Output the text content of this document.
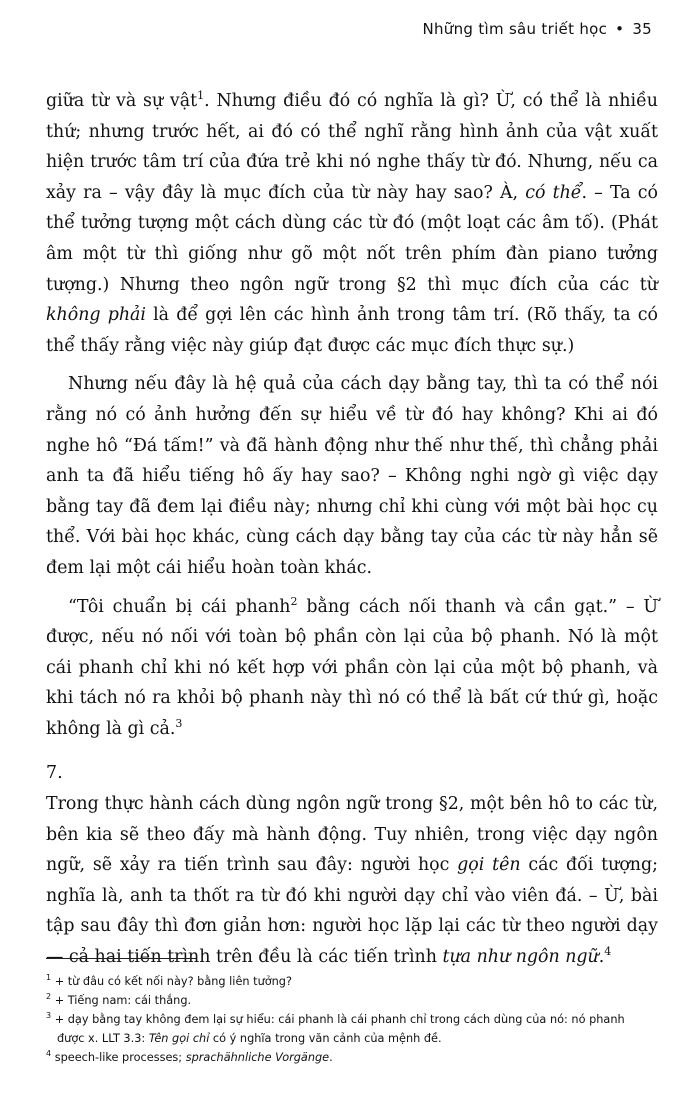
Những tìm sâu triết học • 35

giữa từ và sự vật$^1$. Nhưng điều đó có nghĩa là gì? Ừ, có thể là nhiều thứ; nhưng trước hết, ai đó có thể nghĩ rằng hình ảnh của vật xuất hiện trước tâm trí của đứa trẻ khi nó nghe thấy từ đó. Nhưng, nếu ca xảy ra – vậy đây là mục đích của từ này hay sao? À, có thể. – Ta có thể tưởng tượng một cách dùng các từ đó (một loạt các âm tố). (Phát âm một từ thì giống như gõ một nốt trên phím đàn piano tưởng tượng.) Nhưng theo ngôn ngữ trong §2 thì mục đích của các từ không phải là để gợi lên các hình ảnh trong tâm trí. (Rõ thấy, ta có thể thấy rằng việc này giúp đạt được các mục đích thực sự.)

Nhưng nếu đây là hệ quả của cách dạy bằng tay, thì ta có thể nói rằng nó có ảnh hưởng đến sự hiểu về từ đó hay không? Khi ai đó nghe hô “Đá tấm!” và đã hành động như thế như thế, thì chẳng phải anh ta đã hiểu tiếng hô ấy hay sao? – Không nghi ngờ gì việc dạy bằng tay đã đem lại điều này; nhưng chỉ khi cùng với một bài học cụ thể. Với bài học khác, cùng cách dạy bằng tay của các từ này hẳn sẽ đem lại một cái hiểu hoàn toàn khác.

“Tôi chuẩn bị cái phanh$^2$ bằng cách nối thanh và cần gạt.” – Ừ được, nếu nó nối với toàn bộ phần còn lại của bộ phanh. Nó là một cái phanh chỉ khi nó kết hợp với phần còn lại của một bộ phanh, và khi tách nó ra khỏi bộ phanh này thì nó có thể là bất cứ thứ gì, hoặc không là gì cả.$^3$

7.

Trong thực hành cách dùng ngôn ngữ trong §2, một bên hô to các từ, bên kia sẽ theo đấy mà hành động. Tuy nhiên, trong việc dạy ngôn ngữ, sẽ xảy ra tiến trình sau đây: người học gọi tên các đối tượng; nghĩa là, anh ta thốt ra từ đó khi người dạy chỉ vào viên đá. – Ừ, bài tập sau đây thì đơn giản hơn: người học lặp lại các từ theo người dạy — cả hai tiến trình trên đều là các tiến trình tựa như ngôn ngữ.$^4$

$^1$ + từ đâu có kết nối này? bằng liên tưởng?

$^2$ + Tiếng nam: cái thắng.

$^3$ + dạy bằng tay không đem lại sự hiểu: cái phanh là cái phanh chỉ trong cách dùng của nó: nó phanh

được x. LLT 3.3: Tên gọi chỉ có ý nghĩa trong văn cảnh của mệnh đề.

$^4$ speech-like processes; sprachähnliche Vorgänge.
